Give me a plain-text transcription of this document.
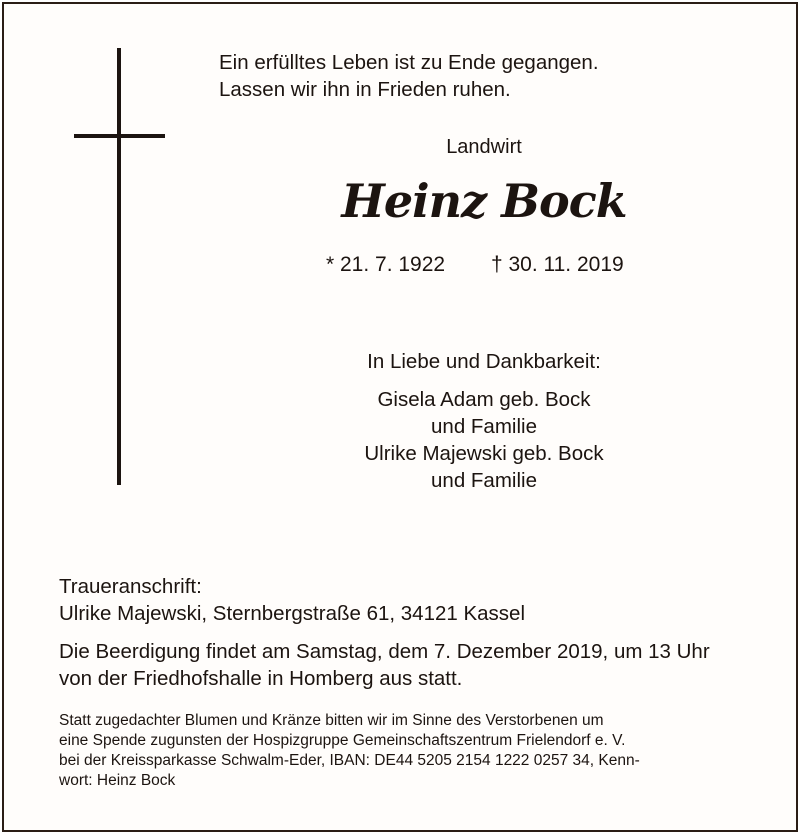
Ein erfülltes Leben ist zu Ende gegangen.
Lassen wir ihn in Frieden ruhen.
Landwirt
Heinz Bock
* 21. 7. 1922 † 30. 11. 2019
In Liebe und Dankbarkeit:
Gisela Adam geb. Bock
und Familie
Ulrike Majewski geb. Bock
und Familie
Traueranschrift:
Ulrike Majewski, Sternbergstraße 61, 34121 Kassel
Die Beerdigung findet am Samstag, dem 7. Dezember 2019, um 13 Uhr
von der Friedhofshalle in Homberg aus statt.
Statt zugedachter Blumen und Kränze bitten wir im Sinne des Verstorbenen um
eine Spende zugunsten der Hospizgruppe Gemeinschaftszentrum Frielendorf e. V.
bei der Kreissparkasse Schwalm-Eder, IBAN: DE44 5205 2154 1222 0257 34, Kenn-
wort: Heinz Bock
